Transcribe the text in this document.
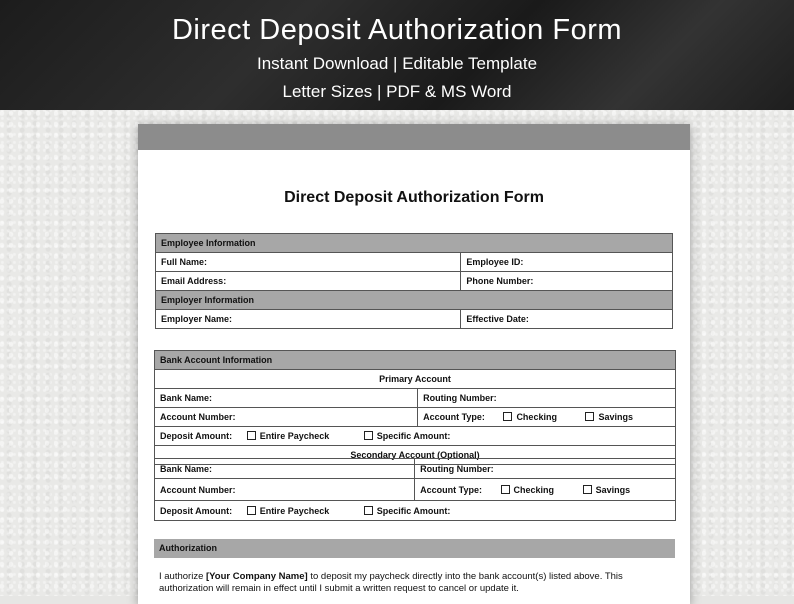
Direct Deposit Authorization Form
Instant Download | Editable Template
Letter Sizes | PDF & MS Word
Direct Deposit Authorization Form
Employee Information	
Full Name:	Employee ID:
Email Address:	Phone Number:
Employer Information	
Employer Name:	Effective Date:
Bank Account Information	
Primary Account	
Bank Name:	Routing Number:
Account Number:	Account Type: Checking Savings
Deposit Amount: Entire Paycheck Specific Amount:	
Secondary Account (Optional)	
Bank Name:	Routing Number:
Account Number:	Account Type: Checking Savings
Deposit Amount: Entire Paycheck Specific Amount:	
Authorization
I authorize [Your Company Name] to deposit my paycheck directly into the bank account(s) listed above. This authorization will remain in effect until I submit a written request to cancel or update it.
